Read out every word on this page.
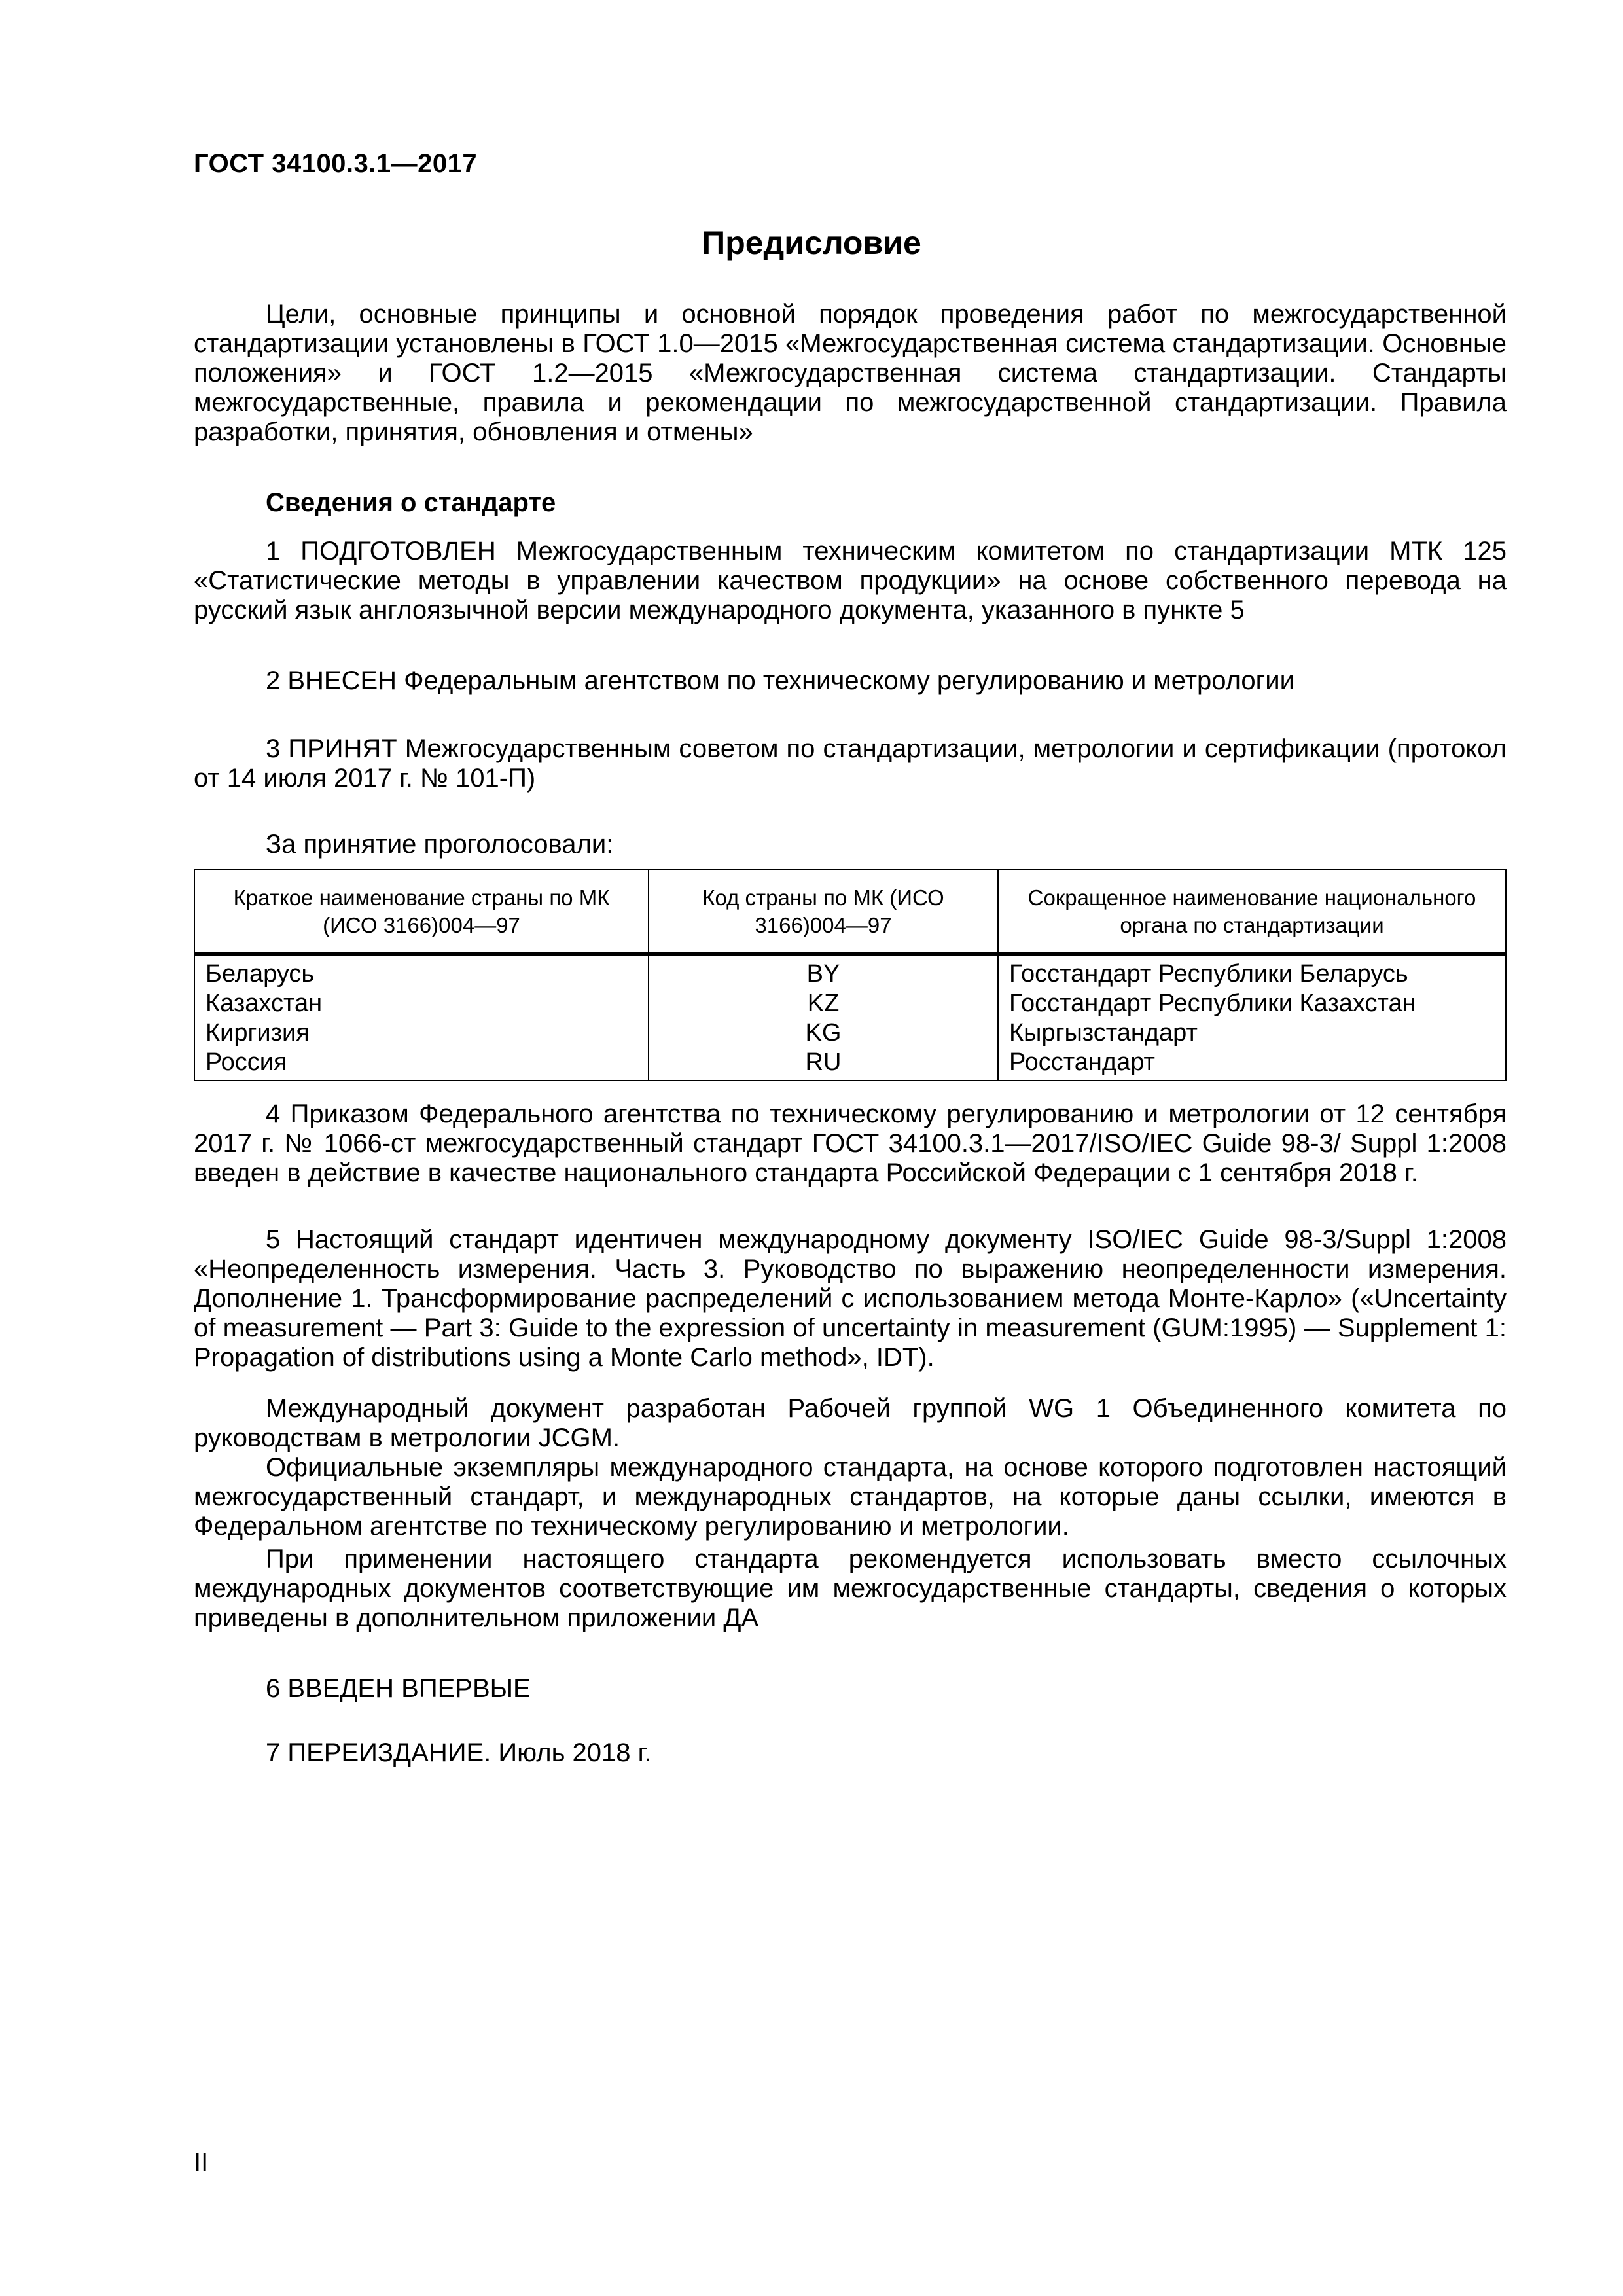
ГОСТ 34100.3.1—2017
Предисловие

Цели, основные принципы и основной порядок проведения работ по межгосударственной стандартизации установлены в ГОСТ 1.0—2015 «Межгосударственная система стандартизации. Основные положения» и ГОСТ 1.2—2015 «Межгосударственная система стандартизации. Стандарты межгосударственные, правила и рекомендации по межгосударственной стандартизации. Правила разработки, принятия, обновления и отмены»

Сведения о стандарте

1 ПОДГОТОВЛЕН Межгосударственным техническим комитетом по стандартизации МТК 125 «Статистические методы в управлении качеством продукции» на основе собственного перевода на русский язык англоязычной версии международного документа, указанного в пункте 5

2 ВНЕСЕН Федеральным агентством по техническому регулированию и метрологии

3 ПРИНЯТ Межгосударственным советом по стандартизации, метрологии и сертификации (протокол от 14 июля 2017 г. № 101-П)

За принятие проголосовали:

Краткое наименование страны по МК (ИСО 3166)004—97	Код страны по МК (ИСО 3166)004—97	Сокращенное наименование национального органа по стандартизации
Беларусь	BY	Госстандарт Республики Беларусь
Казахстан	KZ	Госстандарт Республики Казахстан
Киргизия	KG	Кыргызстандарт
Россия	RU	Росстандарт

4 Приказом Федерального агентства по техническому регулированию и метрологии от 12 сентября 2017 г. № 1066-ст межгосударственный стандарт ГОСТ 34100.3.1—2017/ISO/IEC Guide 98-3/ Suppl 1:2008 введен в действие в качестве национального стандарта Российской Федерации с 1 сентября 2018 г.

5 Настоящий стандарт идентичен международному документу ISO/IEC Guide 98-3/Suppl 1:2008 «Неопределенность измерения. Часть 3. Руководство по выражению неопределенности измерения. Дополнение 1. Трансформирование распределений с использованием метода Монте-Карло» («Uncertainty of measurement — Part 3: Guide to the expression of uncertainty in measurement (GUM:1995) — Supplement 1: Propagation of distributions using a Monte Carlo method», IDT).

Международный документ разработан Рабочей группой WG 1 Объединенного комитета по руководствам в метрологии JCGM.

Официальные экземпляры международного стандарта, на основе которого подготовлен настоящий межгосударственный стандарт, и международных стандартов, на которые даны ссылки, имеются в Федеральном агентстве по техническому регулированию и метрологии.

При применении настоящего стандарта рекомендуется использовать вместо ссылочных международных документов соответствующие им межгосударственные стандарты, сведения о которых приведены в дополнительном приложении ДА

6 ВВЕДЕН ВПЕРВЫЕ

7 ПЕРЕИЗДАНИЕ. Июль 2018 г.

II
